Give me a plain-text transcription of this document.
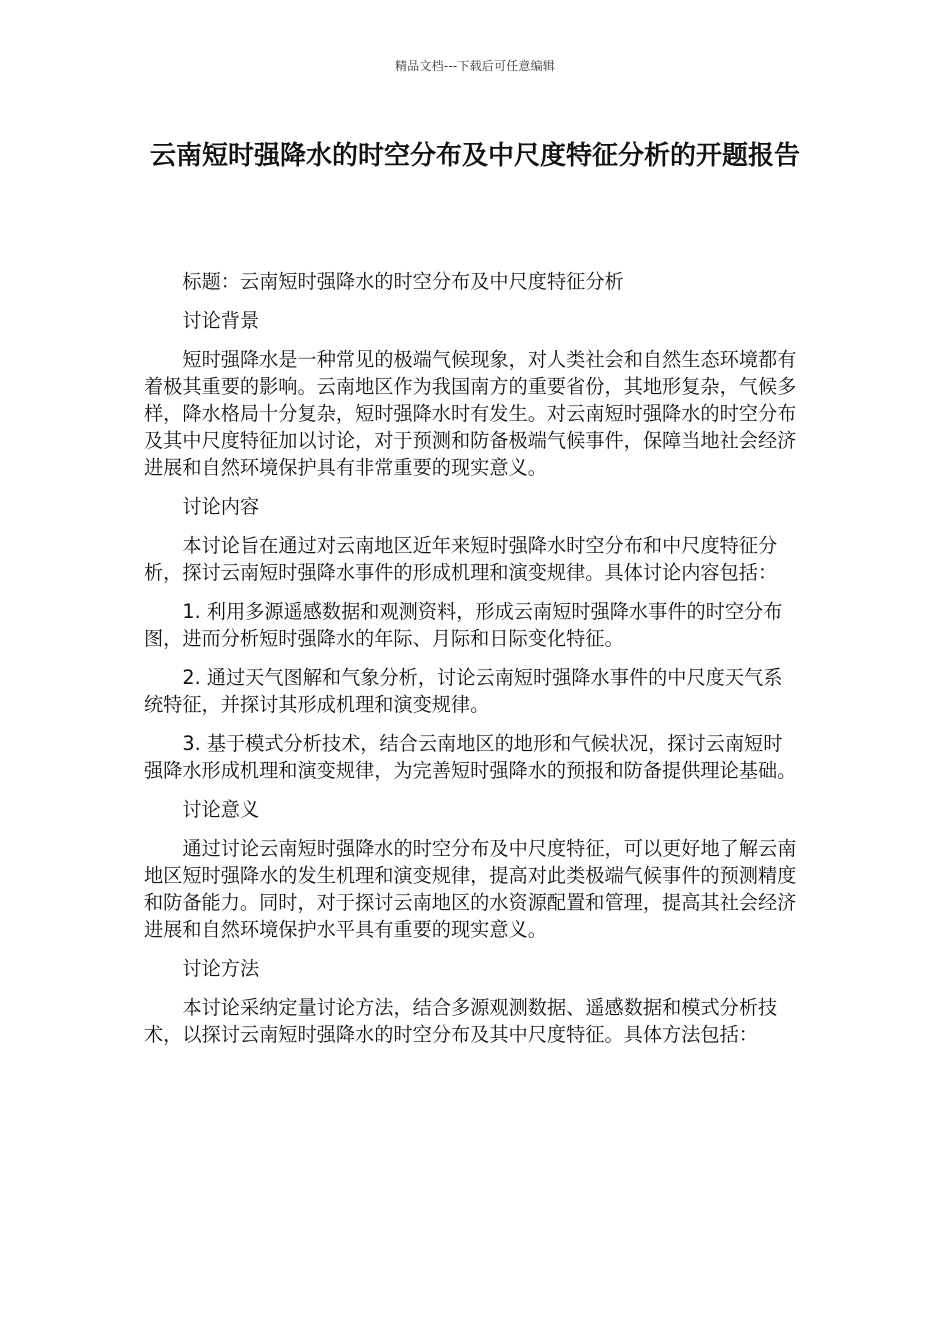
精品文档---下载后可任意编辑
云南短时强降水的时空分布及中尺度特征分析的开题报告

标题：云南短时强降水的时空分布及中尺度特征分析

讨论背景

短时强降水是一种常见的极端气候现象，对人类社会和自然生态环境都有着极其重要的影响。云南地区作为我国南方的重要省份，其地形复杂，气候多样，降水格局十分复杂，短时强降水时有发生。对云南短时强降水的时空分布及其中尺度特征加以讨论，对于预测和防备极端气候事件，保障当地社会经济进展和自然环境保护具有非常重要的现实意义。

讨论内容

本讨论旨在通过对云南地区近年来短时强降水时空分布和中尺度特征分析，探讨云南短时强降水事件的形成机理和演变规律。具体讨论内容包括：

1. 利用多源遥感数据和观测资料，形成云南短时强降水事件的时空分布图，进而分析短时强降水的年际、月际和日际变化特征。

2. 通过天气图解和气象分析，讨论云南短时强降水事件的中尺度天气系统特征，并探讨其形成机理和演变规律。

3. 基于模式分析技术，结合云南地区的地形和气候状况，探讨云南短时强降水形成机理和演变规律，为完善短时强降水的预报和防备提供理论基础。

讨论意义

通过讨论云南短时强降水的时空分布及中尺度特征，可以更好地了解云南地区短时强降水的发生机理和演变规律，提高对此类极端气候事件的预测精度和防备能力。同时，对于探讨云南地区的水资源配置和管理，提高其社会经济进展和自然环境保护水平具有重要的现实意义。

讨论方法

本讨论采纳定量讨论方法，结合多源观测数据、遥感数据和模式分析技术，以探讨云南短时强降水的时空分布及其中尺度特征。具体方法包括：
